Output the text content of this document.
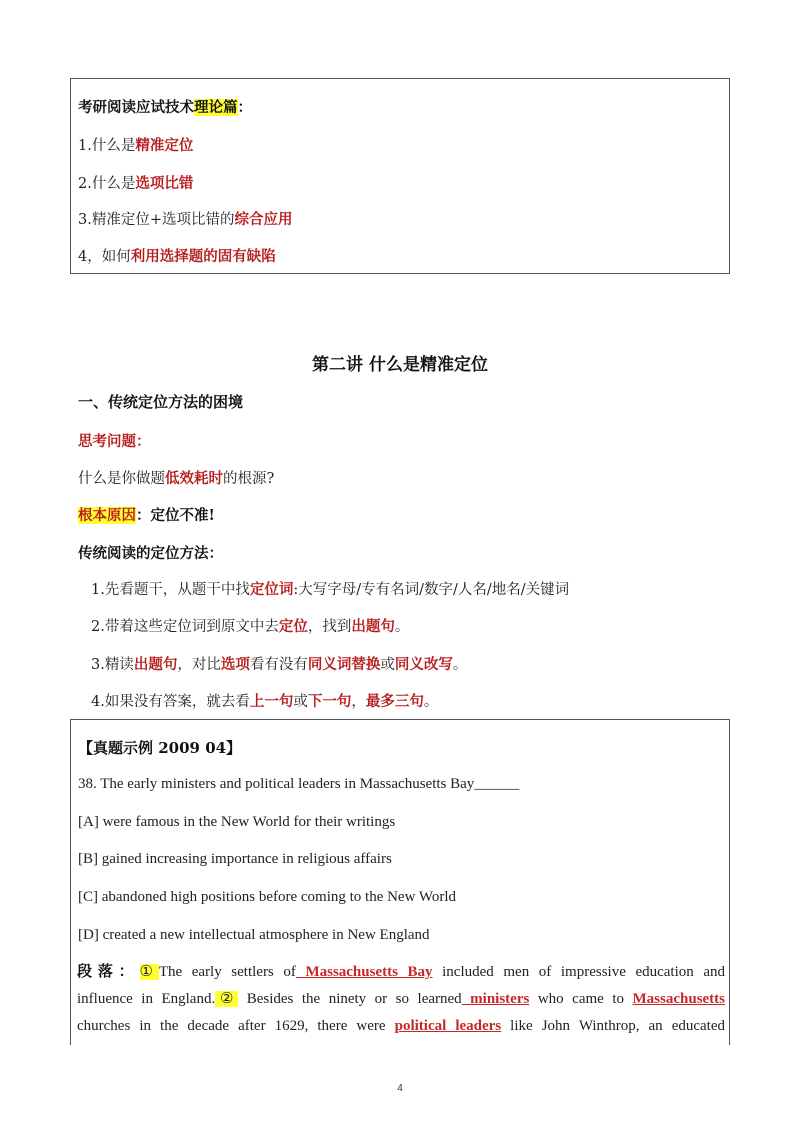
考研阅读应试技术理论篇：
1.什么是精准定位
2.什么是选项比错
3.精准定位+选项比错的综合应用
4，如何利用选择题的固有缺陷
第二讲 什么是精准定位
一、传统定位方法的困境
思考问题：
什么是你做题低效耗时的根源?
根本原因：定位不准!
传统阅读的定位方法：
1.先看题干，从题干中找定位词:大写字母/专有名词/数字/人名/地名/关键词
2.带着这些定位词到原文中去定位，找到出题句。
3.精读出题句，对比选项看有没有同义词替换或同义改写。
4.如果没有答案，就去看上一句或下一句，最多三句。
【真题示例 2009 04】
38. The early ministers and political leaders in Massachusetts Bay______
[A] were famous in the New World for their writings
[B] gained increasing importance in religious affairs
[C] abandoned high positions before coming to the New World
[D] created a new intellectual atmosphere in New England
段落：①The early settlers of Massachusetts Bay included men of impressive education and
influence in England.② Besides the ninety or so learned ministers who came to Massachusetts
churches in the decade after 1629, there were political leaders like John Winthrop, an educated
4
